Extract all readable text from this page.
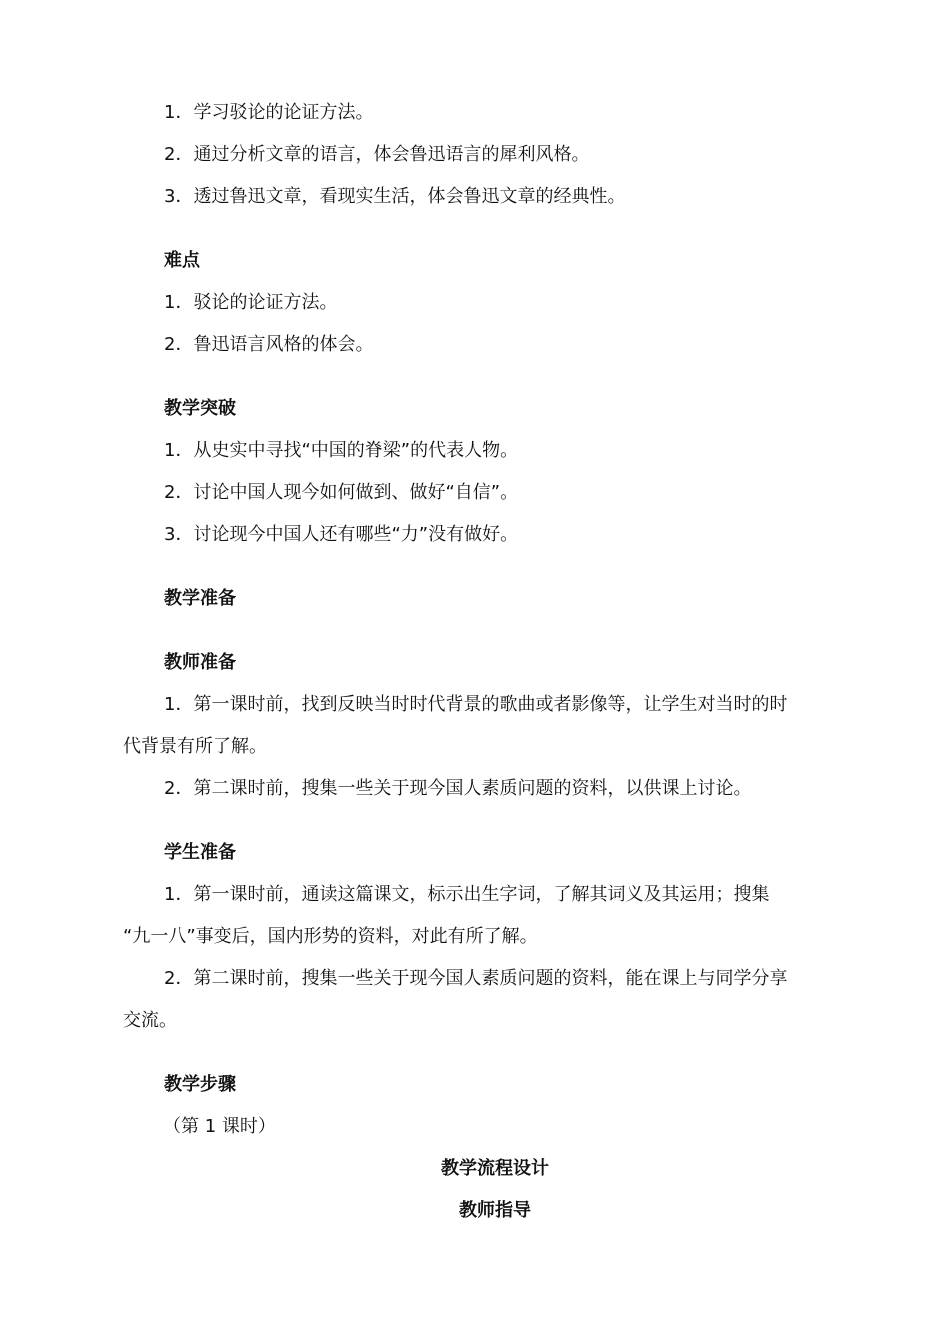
1．学习驳论的论证方法。
2．通过分析文章的语言，体会鲁迅语言的犀利风格。
3．透过鲁迅文章，看现实生活，体会鲁迅文章的经典性。
难点
1．驳论的论证方法。
2．鲁迅语言风格的体会。
教学突破
1．从史实中寻找“中国的脊梁”的代表人物。
2．讨论中国人现今如何做到、做好“自信”。
3．讨论现今中国人还有哪些“力”没有做好。
教学准备
教师准备
1．第一课时前，找到反映当时时代背景的歌曲或者影像等，让学生对当时的时
代背景有所了解。
2．第二课时前，搜集一些关于现今国人素质问题的资料，以供课上讨论。
学生准备
1．第一课时前，通读这篇课文，标示出生字词，了解其词义及其运用；搜集
“九一八”事变后，国内形势的资料，对此有所了解。
2．第二课时前，搜集一些关于现今国人素质问题的资料，能在课上与同学分享
交流。
教学步骤
（第 1 课时）
教学流程设计
教师指导
